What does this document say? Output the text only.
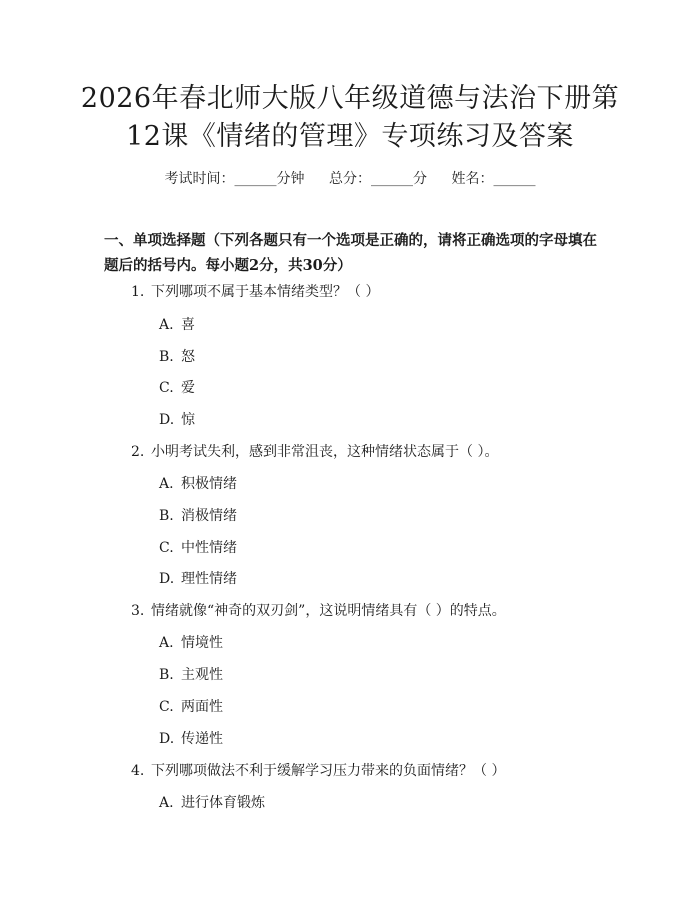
2026年春北师大版八年级道德与法治下册第
12课《情绪的管理》专项练习及答案
考试时间：______分钟 总分：______分 姓名：______
一、单项选择题（下列各题只有一个选项是正确的，请将正确选项的字母填在题后的括号内。每小题2分，共30分）
1. 下列哪项不属于基本情绪类型？（ ）
A. 喜
B. 怒
C. 爱
D. 惊
2. 小明考试失利，感到非常沮丧，这种情绪状态属于（ ）。
A. 积极情绪
B. 消极情绪
C. 中性情绪
D. 理性情绪
3. 情绪就像“神奇的双刃剑”，这说明情绪具有（ ）的特点。
A. 情境性
B. 主观性
C. 两面性
D. 传递性
4. 下列哪项做法不利于缓解学习压力带来的负面情绪？（ ）
A. 进行体育锻炼
